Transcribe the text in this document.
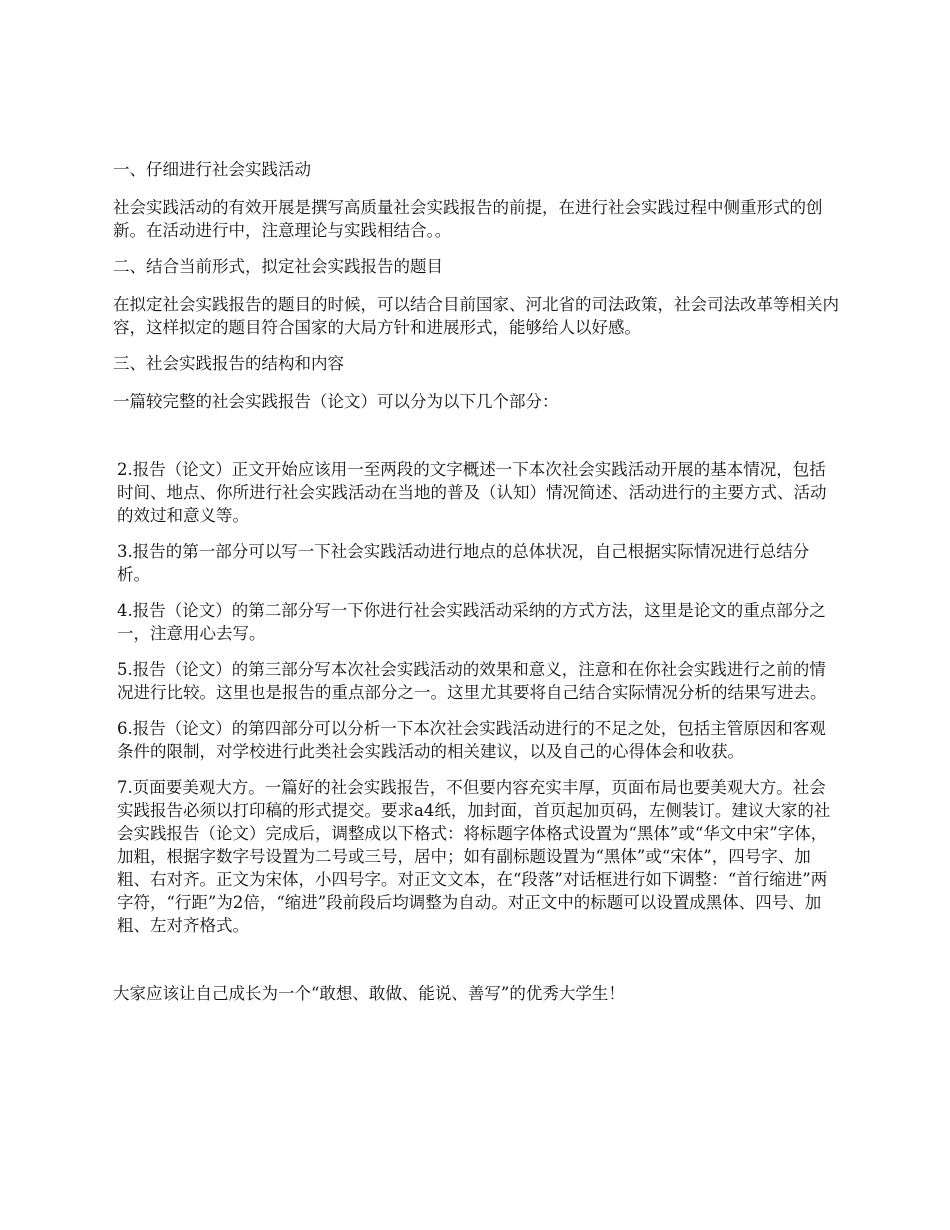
一、仔细进行社会实践活动

社会实践活动的有效开展是撰写高质量社会实践报告的前提，在进行社会实践过程中侧重形式的创新。在活动进行中，注意理论与实践相结合。。

二、结合当前形式，拟定社会实践报告的题目

在拟定社会实践报告的题目的时候，可以结合目前国家、河北省的司法政策，社会司法改革等相关内容，这样拟定的题目符合国家的大局方针和进展形式，能够给人以好感。

三、社会实践报告的结构和内容

一篇较完整的社会实践报告（论文）可以分为以下几个部分：

2.报告（论文）正文开始应该用一至两段的文字概述一下本次社会实践活动开展的基本情况，包括时间、地点、你所进行社会实践活动在当地的普及（认知）情况简述、活动进行的主要方式、活动的效过和意义等。

3.报告的第一部分可以写一下社会实践活动进行地点的总体状况，自己根据实际情况进行总结分析。

4.报告（论文）的第二部分写一下你进行社会实践活动采纳的方式方法，这里是论文的重点部分之一，注意用心去写。

5.报告（论文）的第三部分写本次社会实践活动的效果和意义，注意和在你社会实践进行之前的情况进行比较。这里也是报告的重点部分之一。这里尤其要将自己结合实际情况分析的结果写进去。

6.报告（论文）的第四部分可以分析一下本次社会实践活动进行的不足之处，包括主管原因和客观条件的限制，对学校进行此类社会实践活动的相关建议，以及自己的心得体会和收获。

7.页面要美观大方。一篇好的社会实践报告，不但要内容充实丰厚，页面布局也要美观大方。社会实践报告必须以打印稿的形式提交。要求a4纸，加封面，首页起加页码，左侧装订。建议大家的社会实践报告（论文）完成后，调整成以下格式：将标题字体格式设置为“黑体”或“华文中宋”字体，加粗，根据字数字号设置为二号或三号，居中；如有副标题设置为“黑体”或“宋体”，四号字、加粗、右对齐。正文为宋体，小四号字。对正文文本，在“段落”对话框进行如下调整：“首行缩进”两字符，“行距”为2倍，“缩进”段前段后均调整为自动。对正文中的标题可以设置成黑体、四号、加粗、左对齐格式。

大家应该让自己成长为一个“敢想、敢做、能说、善写”的优秀大学生！
